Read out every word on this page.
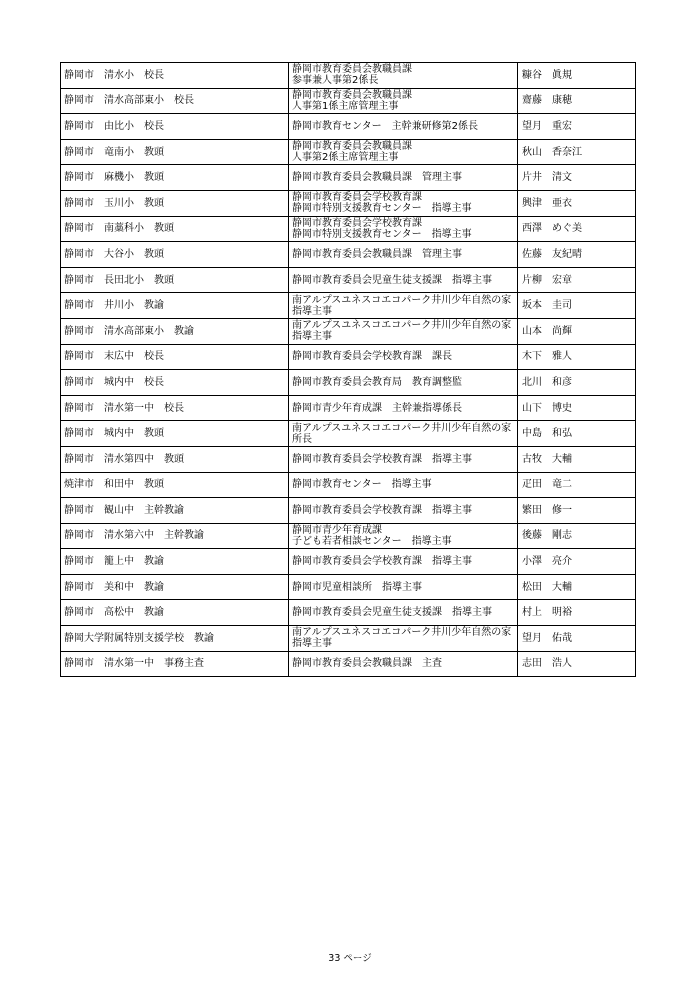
静岡市　清水小　校長	静岡市教育委員会教職員課
参事兼人事第2係長	糠谷　眞規
静岡市　清水高部東小　校長	静岡市教育委員会教職員課
人事第1係主席管理主事	齋藤　康穂
静岡市　由比小　校長	静岡市教育センター　主幹兼研修第2係長	望月　重宏
静岡市　竜南小　教頭	静岡市教育委員会教職員課
人事第2係主席管理主事	秋山　香奈江
静岡市　麻機小　教頭	静岡市教育委員会教職員課　管理主事	片井　清文
静岡市　玉川小　教頭	静岡市教育委員会学校教育課
静岡市特別支援教育センター　指導主事	興津　亜衣
静岡市　南藁科小　教頭	静岡市教育委員会学校教育課
静岡市特別支援教育センター　指導主事	西澤　めぐ美
静岡市　大谷小　教頭	静岡市教育委員会教職員課　管理主事	佐藤　友紀晴
静岡市　長田北小　教頭	静岡市教育委員会児童生徒支援課　指導主事	片柳　宏章
静岡市　井川小　教諭	南アルプスユネスコエコパーク井川少年自然の家
指導主事	坂本　圭司
静岡市　清水高部東小　教諭	南アルプスユネスコエコパーク井川少年自然の家
指導主事	山本　尚輝
静岡市　末広中　校長	静岡市教育委員会学校教育課　課長	木下　雅人
静岡市　城内中　校長	静岡市教育委員会教育局　教育調整監	北川　和彦
静岡市　清水第一中　校長	静岡市青少年育成課　主幹兼指導係長	山下　博史
静岡市　城内中　教頭	南アルプスユネスコエコパーク井川少年自然の家
所長	中島　和弘
静岡市　清水第四中　教頭	静岡市教育委員会学校教育課　指導主事	古牧　大輔
焼津市　和田中　教頭	静岡市教育センター　指導主事	疋田　竜二
静岡市　観山中　主幹教諭	静岡市教育委員会学校教育課　指導主事	繁田　修一
静岡市　清水第六中　主幹教諭	静岡市青少年育成課
子ども若者相談センター　指導主事	後藤　剛志
静岡市　籠上中　教諭	静岡市教育委員会学校教育課　指導主事	小澤　亮介
静岡市　美和中　教諭	静岡市児童相談所　指導主事	松田　大輔
静岡市　高松中　教諭	静岡市教育委員会児童生徒支援課　指導主事	村上　明裕
静岡大学附属特別支援学校　教諭	南アルプスユネスコエコパーク井川少年自然の家
指導主事	望月　佑哉
静岡市　清水第一中　事務主査	静岡市教育委員会教職員課　主査	志田　浩人
33 ページ
